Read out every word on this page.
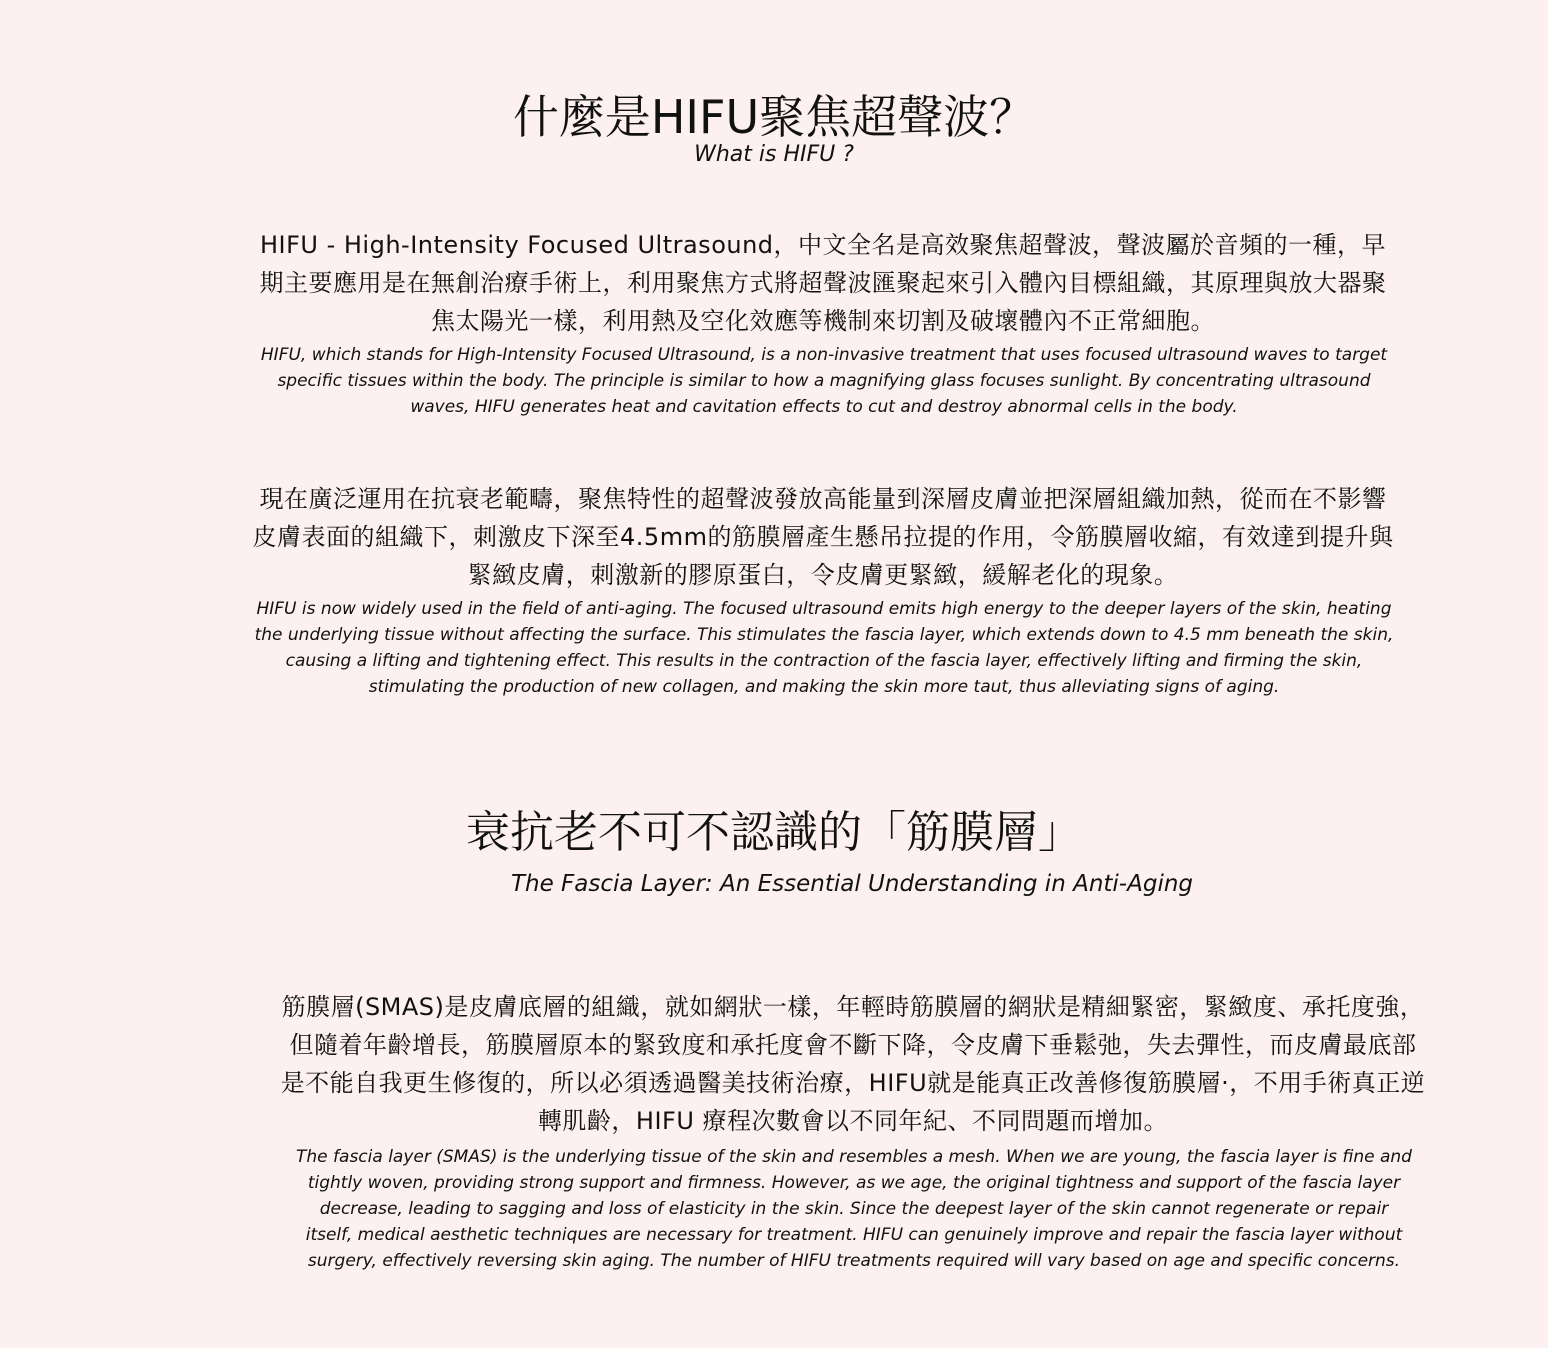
什麼是HIFU聚焦超聲波？

What is HIFU ?

HIFU - High-Intensity Focused Ultrasound，中文全名是高效聚焦超聲波，聲波屬於音頻的一種，早期主要應用是在無創治療手術上，利用聚焦方式將超聲波匯聚起來引入體內目標組織，其原理與放大器聚焦太陽光一樣，利用熱及空化效應等機制來切割及破壞體內不正常細胞。

HIFU, which stands for High-Intensity Focused Ultrasound, is a non-invasive treatment that uses focused ultrasound waves to target specific tissues within the body. The principle is similar to how a magnifying glass focuses sunlight. By concentrating ultrasound waves, HIFU generates heat and cavitation effects to cut and destroy abnormal cells in the body.

現在廣泛運用在抗衰老範疇，聚焦特性的超聲波發放高能量到深層皮膚並把深層組織加熱，從而在不影響皮膚表面的組織下，刺激皮下深至4.5mm的筋膜層產生懸吊拉提的作用，令筋膜層收縮，有效達到提升與緊緻皮膚，刺激新的膠原蛋白，令皮膚更緊緻，緩解老化的現象。

HIFU is now widely used in the field of anti-aging. The focused ultrasound emits high energy to the deeper layers of the skin, heating the underlying tissue without affecting the surface. This stimulates the fascia layer, which extends down to 4.5 mm beneath the skin, causing a lifting and tightening effect. This results in the contraction of the fascia layer, effectively lifting and firming the skin, stimulating the production of new collagen, and making the skin more taut, thus alleviating signs of aging.

衰抗老不可不認識的「筋膜層」

The Fascia Layer: An Essential Understanding in Anti-Aging

筋膜層(SMAS)是皮膚底層的組織，就如網狀一樣，年輕時筋膜層的網狀是精細緊密，緊緻度、承托度強，但隨着年齡增長，筋膜層原本的緊致度和承托度會不斷下降，令皮膚下垂鬆弛，失去彈性，而皮膚最底部是不能自我更生修復的，所以必須透過醫美技術治療，HIFU就是能真正改善修復筋膜層·，不用手術真正逆轉肌齡，HIFU 療程次數會以不同年紀、不同問題而增加。

The fascia layer (SMAS) is the underlying tissue of the skin and resembles a mesh. When we are young, the fascia layer is fine and tightly woven, providing strong support and firmness. However, as we age, the original tightness and support of the fascia layer decrease, leading to sagging and loss of elasticity in the skin. Since the deepest layer of the skin cannot regenerate or repair itself, medical aesthetic techniques are necessary for treatment. HIFU can genuinely improve and repair the fascia layer without surgery, effectively reversing skin aging. The number of HIFU treatments required will vary based on age and specific concerns.
